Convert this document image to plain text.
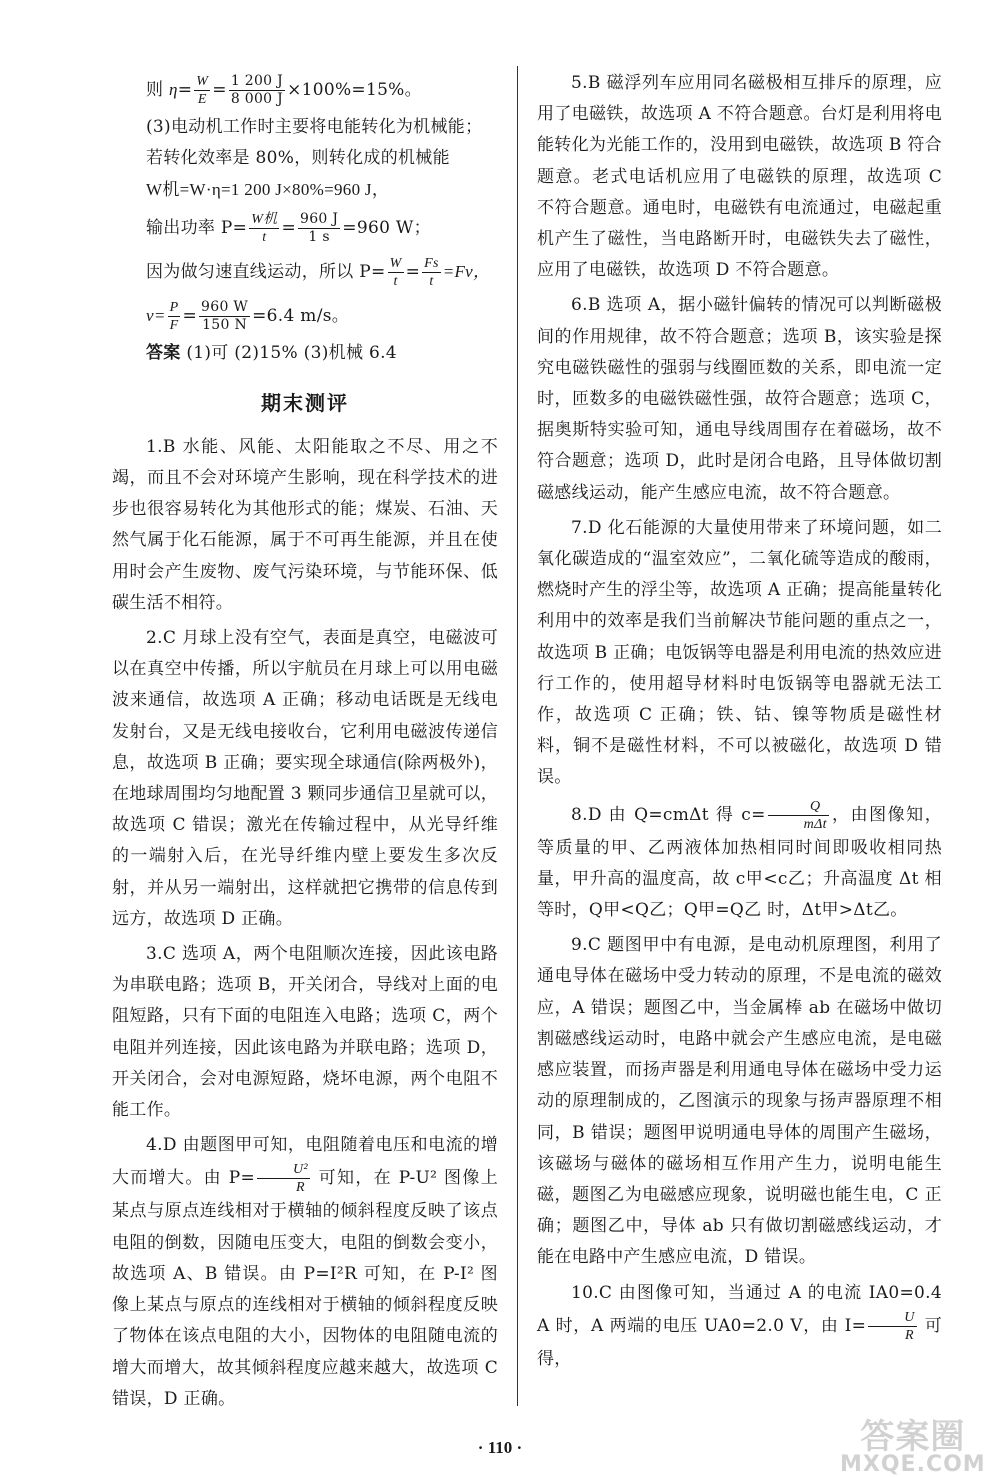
则 $\eta= \frac{W}{E} = \frac{1 200 J}{8 000 J} \times 100\%=15\%$。

(3)电动机工作时主要将电能转化为机械能；

若转化效率是 80%，则转化成的机械能

W机=W·η=1 200 J×80%=960 J，

输出功率 $P= \frac{\text{W机}}{t} = \frac{960 J}{1 s} =960$ W；

因为做匀速直线运动，所以 $P= \frac{W}{t} = \frac{Fs}{t} =Fv$，

$v= \frac{P}{F} = \frac{960 W}{150 N} =6.4$ m/s。

答案 (1)可 (2)15% (3)机械 6.4

期末测评

1.B 水能、风能、太阳能取之不尽、用之不竭，而且不会对环境产生影响，现在科学技术的进步也很容易转化为其他形式的能；煤炭、石油、天然气属于化石能源，属于不可再生能源，并且在使用时会产生废物、废气污染环境，与节能环保、低碳生活不相符。

2.C 月球上没有空气，表面是真空，电磁波可以在真空中传播，所以宇航员在月球上可以用电磁波来通信，故选项 A 正确；移动电话既是无线电发射台，又是无线电接收台，它利用电磁波传递信息，故选项 B 正确；要实现全球通信(除两极外)，在地球周围均匀地配置 3 颗同步通信卫星就可以，故选项 C 错误；激光在传输过程中，从光导纤维的一端射入后，在光导纤维内壁上要发生多次反射，并从另一端射出，这样就把它携带的信息传到远方，故选项 D 正确。

3.C 选项 A，两个电阻顺次连接，因此该电路为串联电路；选项 B，开关闭合，导线对上面的电阻短路，只有下面的电阻连入电路；选项 C，两个电阻并列连接，因此该电路为并联电路；选项 D，开关闭合，会对电源短路，烧坏电源，两个电阻不能工作。

4.D 由题图甲可知，电阻随着电压和电流的增大而增大。由 $P= \frac{\text{U²}}{R}$ 可知，在 P-U² 图像上某点与原点连线相对于横轴的倾斜程度反映了该点电阻的倒数，因随电压变大，电阻的倒数会变小，故选项 A、B 错误。由 P=I²R 可知，在 P-I² 图像上某点与原点的连线相对于横轴的倾斜程度反映了物体在该点电阻的大小，因物体的电阻随电流的增大而增大，故其倾斜程度应越来越大，故选项 C 错误，D 正确。

5.B 磁浮列车应用同名磁极相互排斥的原理，应用了电磁铁，故选项 A 不符合题意。台灯是利用将电能转化为光能工作的，没用到电磁铁，故选项 B 符合题意。老式电话机应用了电磁铁的原理，故选项 C 不符合题意。通电时，电磁铁有电流通过，电磁起重机产生了磁性，当电路断开时，电磁铁失去了磁性，应用了电磁铁，故选项 D 不符合题意。

6.B 选项 A，据小磁针偏转的情况可以判断磁极间的作用规律，故不符合题意；选项 B，该实验是探究电磁铁磁性的强弱与线圈匝数的关系，即电流一定时，匝数多的电磁铁磁性强，故符合题意；选项 C，据奥斯特实验可知，通电导线周围存在着磁场，故不符合题意；选项 D，此时是闭合电路，且导体做切割磁感线运动，能产生感应电流，故不符合题意。

7.D 化石能源的大量使用带来了环境问题，如二氧化碳造成的“温室效应”，二氧化硫等造成的酸雨，燃烧时产生的浮尘等，故选项 A 正确；提高能量转化利用中的效率是我们当前解决节能问题的重点之一，故选项 B 正确；电饭锅等电器是利用电流的热效应进行工作的，使用超导材料时电饭锅等电器就无法工作，故选项 C 正确；铁、钴、镍等物质是磁性材料，铜不是磁性材料，不可以被磁化，故选项 D 错误。

8.D 由 Q=cmΔt 得 $c= \frac{Q}{\text{mΔt}}$ ，由图像知，等质量的甲、乙两液体加热相同时间即吸收相同热量，甲升高的温度高，故 c甲<c乙；升高温度 Δt 相等时，Q甲<Q乙；Q甲=Q乙 时，Δt甲>Δt乙。

9.C 题图甲中有电源，是电动机原理图，利用了通电导体在磁场中受力转动的原理，不是电流的磁效应，A 错误；题图乙中，当金属棒 ab 在磁场中做切割磁感线运动时，电路中就会产生感应电流，是电磁感应装置，而扬声器是利用通电导体在磁场中受力运动的原理制成的，乙图演示的现象与扬声器原理不相同，B 错误；题图甲说明通电导体的周围产生磁场，该磁场与磁体的磁场相互作用产生力，说明电能生磁，题图乙为电磁感应现象，说明磁也能生电，C 正确；题图乙中，导体 ab 只有做切割磁感线运动，才能在电路中产生感应电流，D 错误。

10.C 由图像可知，当通过 A 的电流 IA0=0.4 A 时，A 两端的电压 UA0=2.0 V，由 $I= \frac{U}{R}$ 可得，

· 110 ·	答案圈
MXQE.COM
